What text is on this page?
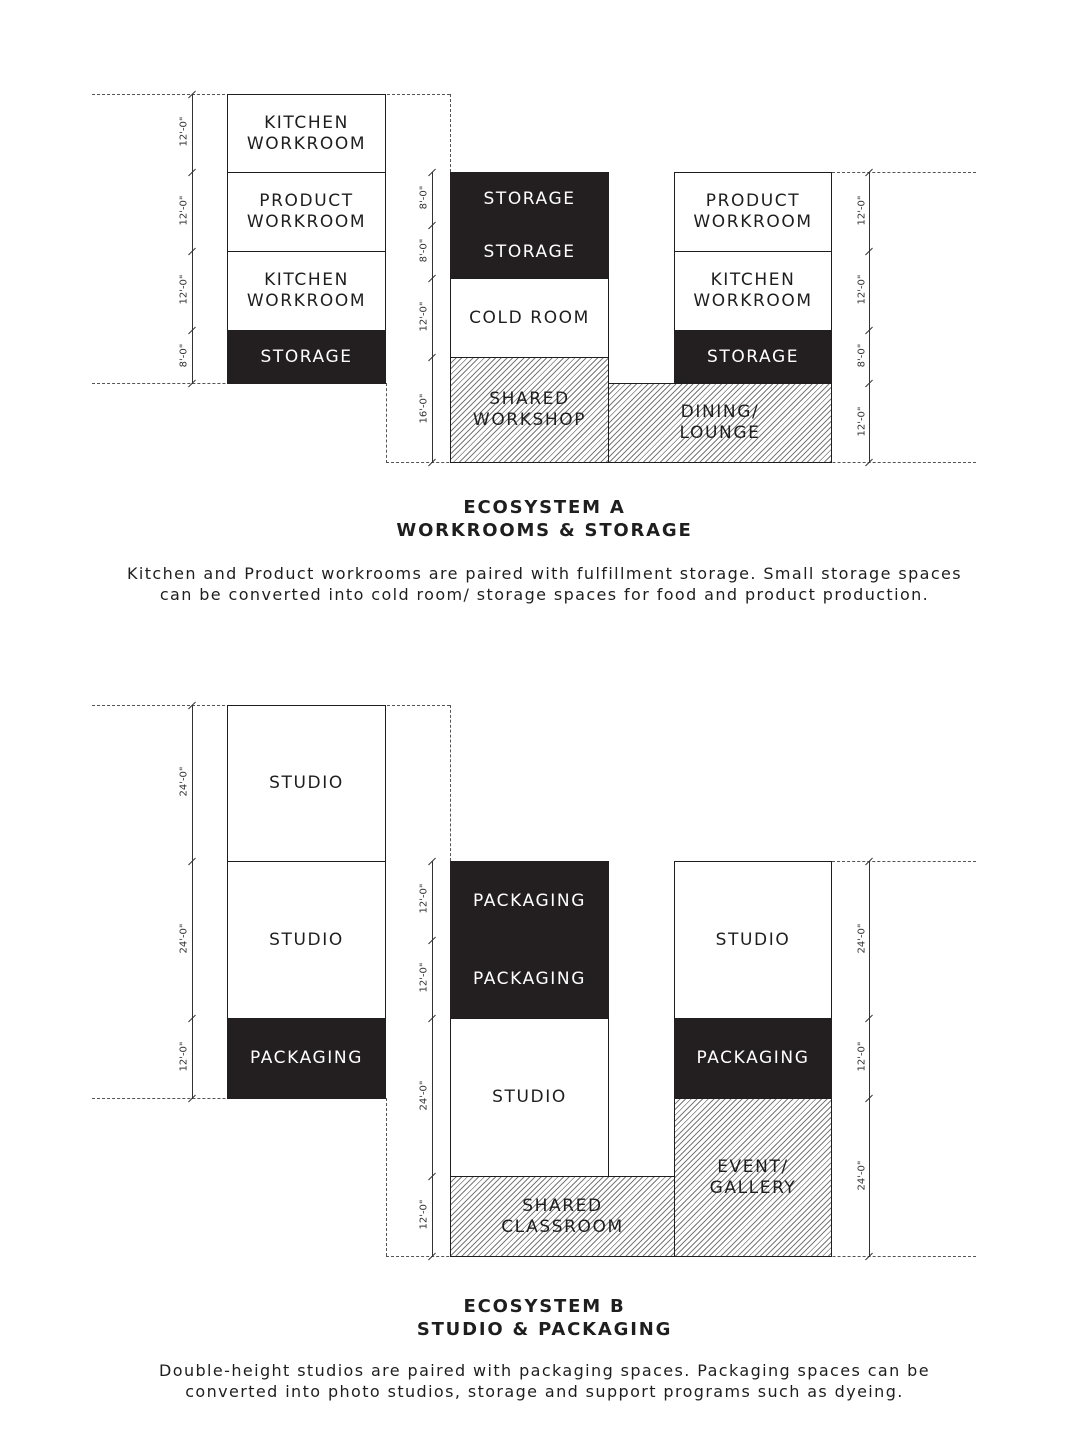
KITCHEN
WORKROOM
PRODUCT
WORKROOM
KITCHEN
WORKROOM
STORAGE
STORAGE
STORAGE
COLD ROOM
SHARED
WORKSHOP
PRODUCT
WORKROOM
KITCHEN
WORKROOM
STORAGE
DINING/
LOUNGE
12'-0"
12'-0"
12'-0"
8'-0"
8'-0"
8'-0"
12'-0"
16'-0"
12'-0"
12'-0"
8'-0"
12'-0"
ECOSYSTEM A
WORKROOMS & STORAGE
Kitchen and Product workrooms are paired with fulfillment storage. Small storage spaces
can be converted into cold room/ storage spaces for food and product production.
STUDIO
STUDIO
PACKAGING
PACKAGING
PACKAGING
STUDIO
SHARED
CLASSROOM
STUDIO
PACKAGING
EVENT/
GALLERY
24'-0"
24'-0"
12'-0"
12'-0"
12'-0"
24'-0"
12'-0"
24'-0"
12'-0"
24'-0"
ECOSYSTEM B
STUDIO & PACKAGING
Double-height studios are paired with packaging spaces. Packaging spaces can be
converted into photo studios, storage and support programs such as dyeing.
